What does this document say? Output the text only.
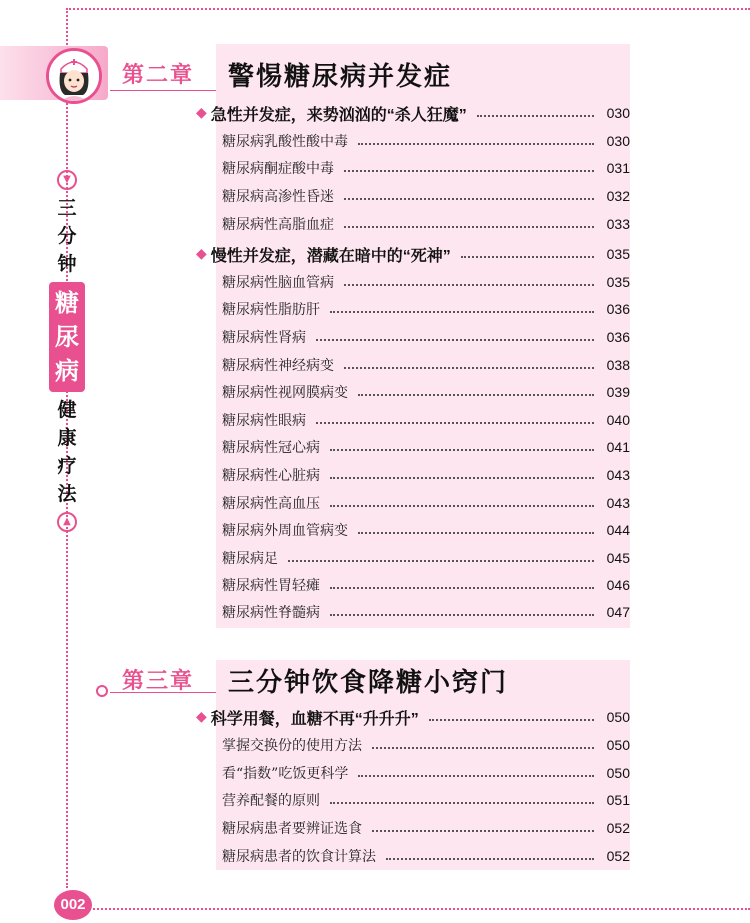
▼
三
分
钟
糖
尿
病
健
康
疗
法
▲
第二章 警惕糖尿病并发症
第三章 三分钟饮食降糖小窍门
◆ 急性并发症，来势汹汹的“杀人狂魔”	030
糖尿病乳酸性酸中毒	030
糖尿病酮症酸中毒	031
糖尿病高渗性昏迷	032
糖尿病性高脂血症	033
◆ 慢性并发症，潜藏在暗中的“死神”	035
糖尿病性脑血管病	035
糖尿病性脂肪肝	036
糖尿病性肾病	036
糖尿病性神经病变	038
糖尿病性视网膜病变	039
糖尿病性眼病	040
糖尿病性冠心病	041
糖尿病性心脏病	043
糖尿病性高血压	043
糖尿病外周血管病变	044
糖尿病足	045
糖尿病性胃轻瘫	046
糖尿病性脊髓病	047
◆ 科学用餐，血糖不再“升升升”	050
掌握交换份的使用方法	050
看“指数”吃饭更科学	050
营养配餐的原则	051
糖尿病患者要辨证选食	052
糖尿病患者的饮食计算法	052
002
